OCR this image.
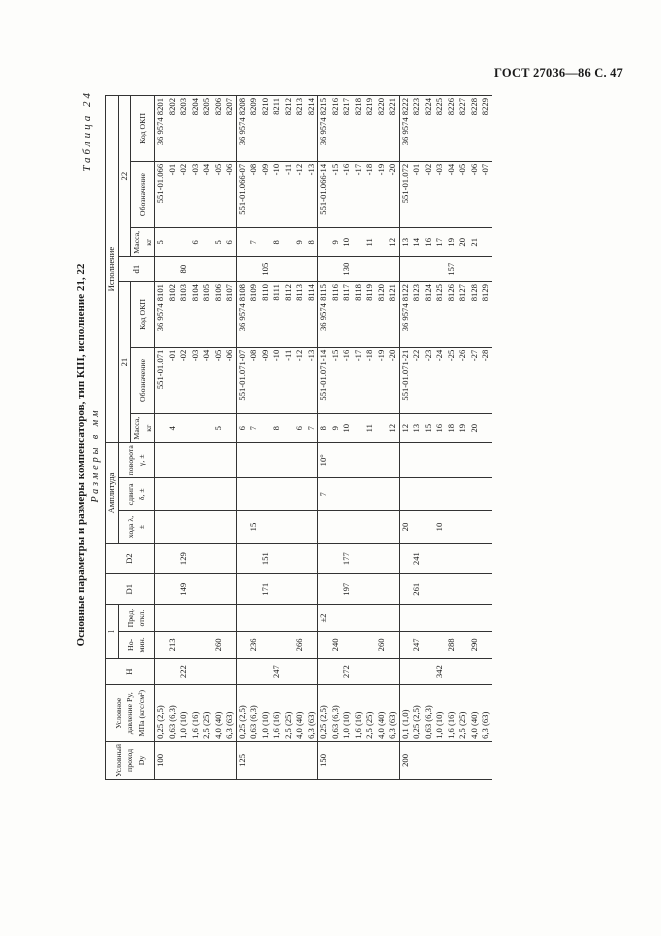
ГОСТ 27036—86 С. 47
Основные параметры и размеры компенсаторов, тип КIII, исполнение 21, 22
Таблица 24
Размеры в мм
Условный проход Dy	Условное давление Py, МПа (кгс/см²)	H	l		D1	D2	Амплитуда			Исполнение						
			Но-мин.	Пред. откл.			хода λ, ±	сдвига δ, ±	поворота γ, ±	21			d1	22		
										Масса, кг	Обозначение	Код ОКП		Масса, кг	Обозначение	Код ОКП
100	0,25 (2,5)										551-01.071	36 9574 8101		5	551-01.066	36 9574 8201
	0,63 (6,3)		213							4	-01	8102			-01	8202
	1,0 (10)	222			149	129					-02	8103	80		-02	8203
	1,6 (16)										-03	8104		6	-03	8204
	2,5 (25)										-04	8105			-04	8205
	4,0 (40)		260							5	-05	8106		5	-05	8206
	6,3 (63)										-06	8107		6	-06	8207
125	0,25 (2,5)									6	551-01.071-07	36 9574 8108			551-01.066-07	36 9574 8208
	0,63 (6,3)		236				15			7	-08	8109		7	-08	8209
	1,0 (10)				171	151					-09	8110	105		-09	8210
	1,6 (16)	247								8	-10	8111		8	-10	8211
	2,5 (25)										-11	8112			-11	8212
	4,0 (40)		266							6	-12	8113		9	-12	8213
	6,3 (63)									7	-13	8114		8	-13	8214
150	0,25 (2,5)			±2				7	10°	8	551-01.071-14	36 9574 8115			551-01.066-14	36 9574 8215
	0,63 (6,3)		240							9	-15	8116		9	-15	8216
	1,0 (10)	272			197	177				10	-16	8117	130	10	-16	8217
	1,6 (16)										-17	8118			-17	8218
	2,5 (25)									11	-18	8119		11	-18	8219
	4,0 (40)		260								-19	8120			-19	8220
	6,3 (63)									12	-20	8121		12	-20	8221
200	0,1 (1,0)						20			12	551-01.071-21	36 9574 8122		13	551-01.072	36 9574 8222
	0,25 (2,5)		247		261	241				13	-22	8123		14	-01	8223
	0,63 (6,3)									15	-23	8124		16	-02	8224
	1,0 (10)	342					10			16	-24	8125		17	-03	8225
	1,6 (16)		288							18	-25	8126	157	19	-04	8226
	2,5 (25)									19	-26	8127		20	-05	8227
	4,0 (40)		290							20	-27	8128		21	-06	8228
	6,3 (63)										-28	8129			-07	8229
